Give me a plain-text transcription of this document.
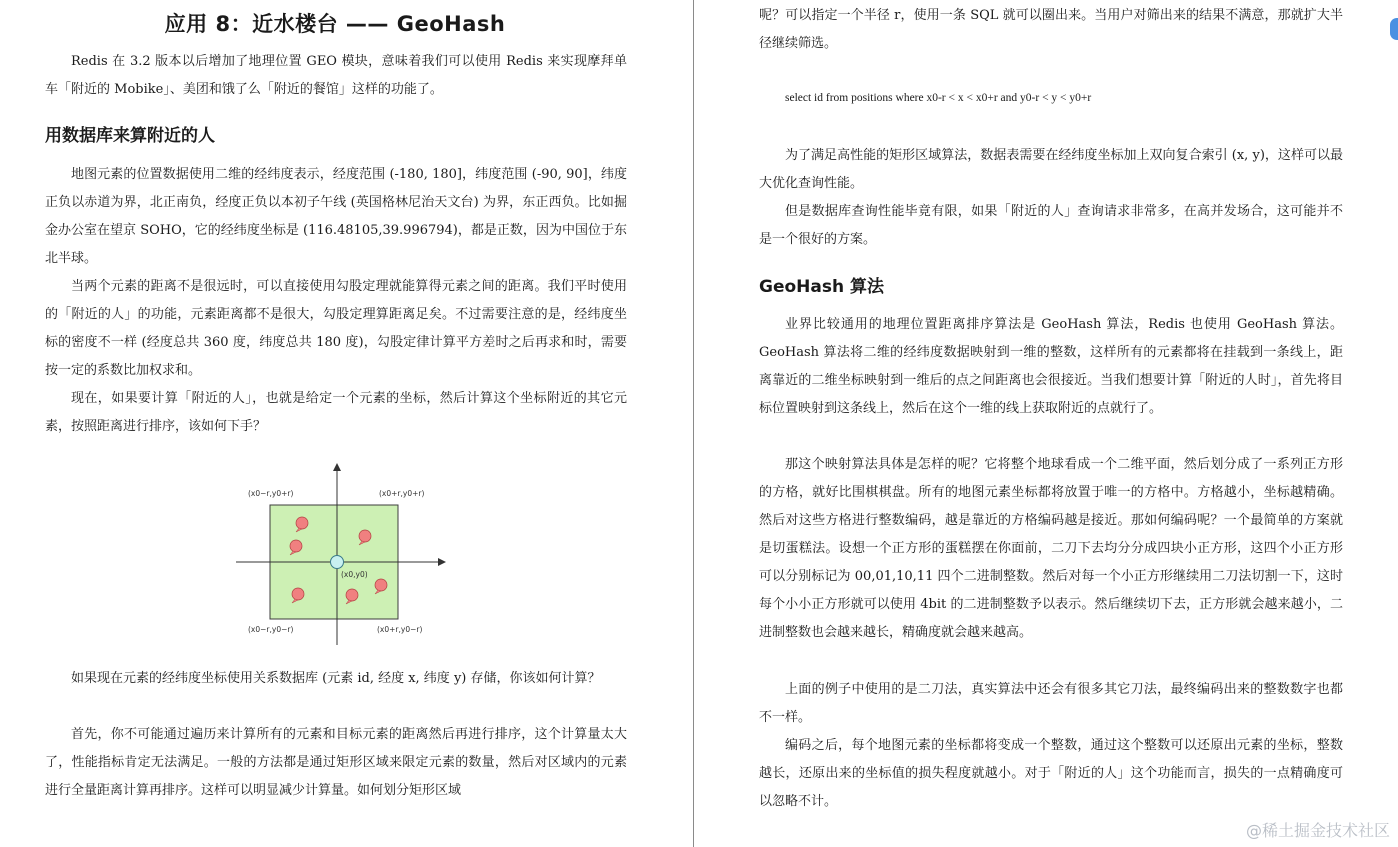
应用 8：近水楼台 —— GeoHash

Redis 在 3.2 版本以后增加了地理位置 GEO 模块，意味着我们可以使用 Redis 来实现摩拜单车「附近的 Mobike」、美团和饿了么「附近的餐馆」这样的功能了。

用数据库来算附近的人

地图元素的位置数据使用二维的经纬度表示，经度范围 (-180, 180]，纬度范围 (-90, 90]，纬度正负以赤道为界，北正南负，经度正负以本初子午线 (英国格林尼治天文台) 为界，东正西负。比如掘金办公室在望京 SOHO，它的经纬度坐标是 (116.48105,39.996794)，都是正数，因为中国位于东北半球。

当两个元素的距离不是很远时，可以直接使用勾股定理就能算得元素之间的距离。我们平时使用的「附近的人」的功能，元素距离都不是很大，勾股定理算距离足矣。不过需要注意的是，经纬度坐标的密度不一样 (经度总共 360 度，纬度总共 180 度)，勾股定律计算平方差时之后再求和时，需要按一定的系数比加权求和。

现在，如果要计算「附近的人」，也就是给定一个元素的坐标，然后计算这个坐标附近的其它元素，按照距离进行排序，该如何下手？

(x0−r,y0+r)	(x0+r,y0+r)
(x0−r,y0−r)	(x0+r,y0−r)
(x0,y0)

如果现在元素的经纬度坐标使用关系数据库 (元素 id, 经度 x, 纬度 y) 存储，你该如何计算？

首先，你不可能通过遍历来计算所有的元素和目标元素的距离然后再进行排序，这个计算量太大了，性能指标肯定无法满足。一般的方法都是通过矩形区域来限定元素的数量，然后对区域内的元素进行全量距离计算再排序。这样可以明显减少计算量。如何划分矩形区域

呢？可以指定一个半径 r，使用一条 SQL 就可以圈出来。当用户对筛出来的结果不满意，那就扩大半径继续筛选。

select id from positions where x0-r < x < x0+r and y0-r < y < y0+r

为了满足高性能的矩形区域算法，数据表需要在经纬度坐标加上双向复合索引 (x, y)，这样可以最大优化查询性能。

但是数据库查询性能毕竟有限，如果「附近的人」查询请求非常多，在高并发场合，这可能并不是一个很好的方案。

GeoHash 算法

业界比较通用的地理位置距离排序算法是 GeoHash 算法，Redis 也使用 GeoHash 算法。GeoHash 算法将二维的经纬度数据映射到一维的整数，这样所有的元素都将在挂载到一条线上，距离靠近的二维坐标映射到一维后的点之间距离也会很接近。当我们想要计算「附近的人时」，首先将目标位置映射到这条线上，然后在这个一维的线上获取附近的点就行了。

那这个映射算法具体是怎样的呢？它将整个地球看成一个二维平面，然后划分成了一系列正方形的方格，就好比围棋棋盘。所有的地图元素坐标都将放置于唯一的方格中。方格越小，坐标越精确。然后对这些方格进行整数编码，越是靠近的方格编码越是接近。那如何编码呢？一个最简单的方案就是切蛋糕法。设想一个正方形的蛋糕摆在你面前，二刀下去均分分成四块小正方形，这四个小正方形可以分别标记为 00,01,10,11 四个二进制整数。然后对每一个小正方形继续用二刀法切割一下，这时每个小小正方形就可以使用 4bit 的二进制整数予以表示。然后继续切下去，正方形就会越来越小，二进制整数也会越来越长，精确度就会越来越高。

上面的例子中使用的是二刀法，真实算法中还会有很多其它刀法，最终编码出来的整数数字也都不一样。

编码之后，每个地图元素的坐标都将变成一个整数，通过这个整数可以还原出元素的坐标，整数越长，还原出来的坐标值的损失程度就越小。对于「附近的人」这个功能而言，损失的一点精确度可以忽略不计。

@稀土掘金技术社区
